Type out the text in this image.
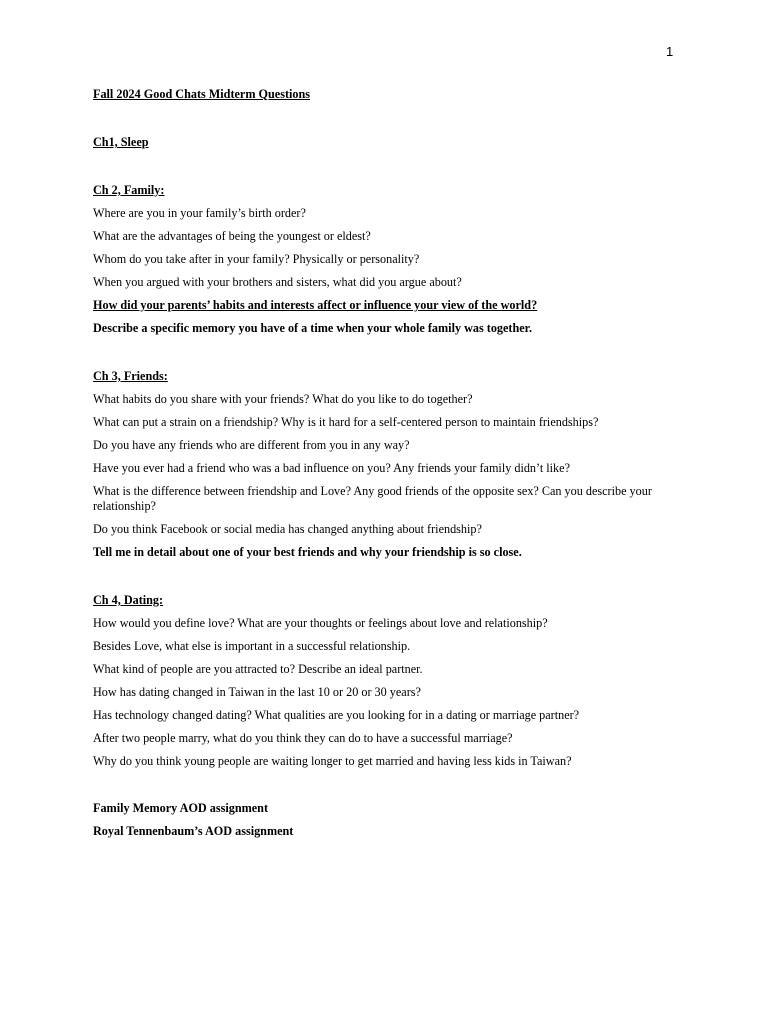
1

Fall 2024 Good Chats Midterm Questions

Ch1, Sleep

Ch 2, Family:

Where are you in your family’s birth order?

What are the advantages of being the youngest or eldest?

Whom do you take after in your family? Physically or personality?

When you argued with your brothers and sisters, what did you argue about?

How did your parents’ habits and interests affect or influence your view of the world?

Describe a specific memory you have of a time when your whole family was together.

Ch 3, Friends:

What habits do you share with your friends? What do you like to do together?

What can put a strain on a friendship? Why is it hard for a self-centered person to maintain friendships?

Do you have any friends who are different from you in any way?

Have you ever had a friend who was a bad influence on you? Any friends your family didn’t like?

What is the difference between friendship and Love? Any good friends of the opposite sex? Can you describe your relationship?

Do you think Facebook or social media has changed anything about friendship?

Tell me in detail about one of your best friends and why your friendship is so close.

Ch 4, Dating:

How would you define love? What are your thoughts or feelings about love and relationship?

Besides Love, what else is important in a successful relationship.

What kind of people are you attracted to? Describe an ideal partner.

How has dating changed in Taiwan in the last 10 or 20 or 30 years?

Has technology changed dating? What qualities are you looking for in a dating or marriage partner?

After two people marry, what do you think they can do to have a successful marriage?

Why do you think young people are waiting longer to get married and having less kids in Taiwan?

Family Memory AOD assignment

Royal Tennenbaum’s AOD assignment
